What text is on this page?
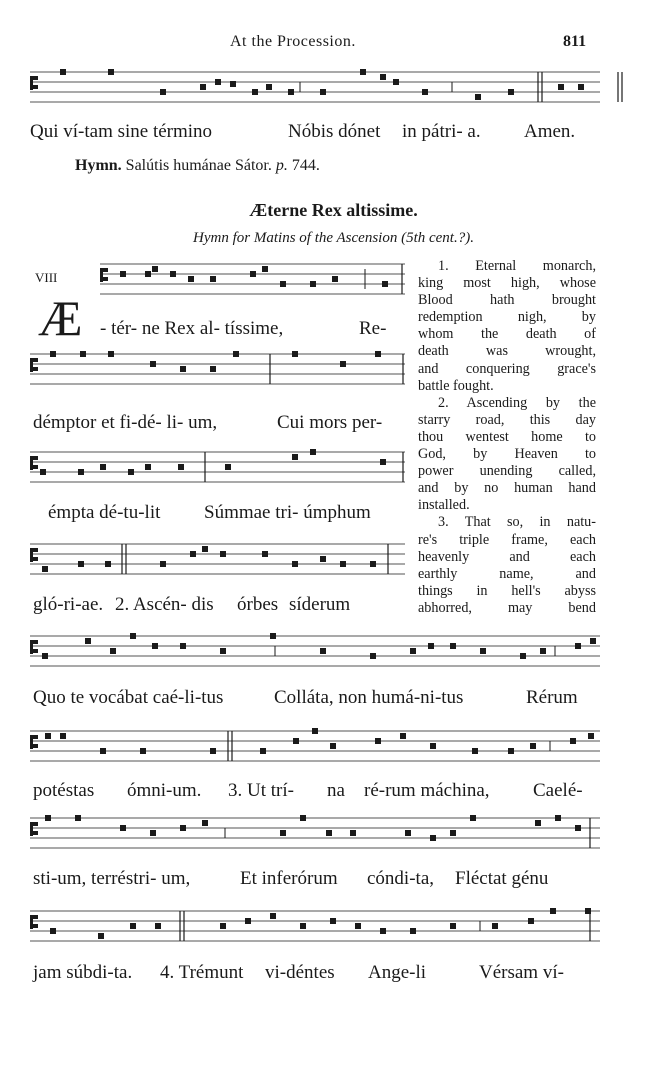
At the Procession.	811
Qui ví-tam sine término	Nóbis dónet in pátri- a. Amen.
Hymn. Salútis humánae Sátor. p. 744.
Æterne Rex altissime.
Hymn for Matins of the Ascension (5th cent.?).
VIII
Æ - tér- ne Rex al- tíssime,	Re-
démptor et fi-dé- li- um,	Cui mors per-
émpta dé-tu-lit Súmmae tri- úmphum
gló-ri-ae. 2. Ascén- dis órbes síderum
1. Eternal monarch,
king most high, whose
Blood hath brought
redemption nigh, by
whom the death of
death was wrought,
and conquering grace's
battle fought.
2. Ascending by the
starry road, this day
thou wentest home to
God, by Heaven to
power unending called,
and by no human hand
installed.
3. That so, in natu-
re's triple frame, each
heavenly and each
earthly name, and
things in hell's abyss
abhorred, may bend
Quo te vocábat caé-li-tus	Colláta, non humá-ni-tus	Rérum
potéstas ómni-um. 3. Ut trí- na ré-rum máchina, Caelé-
sti-um, terréstri- um,	Et inferórum cóndi-ta, Fléctat génu
jam súbdi-ta. 4. Trémunt vi-déntes Ange-li	Vérsam ví-
